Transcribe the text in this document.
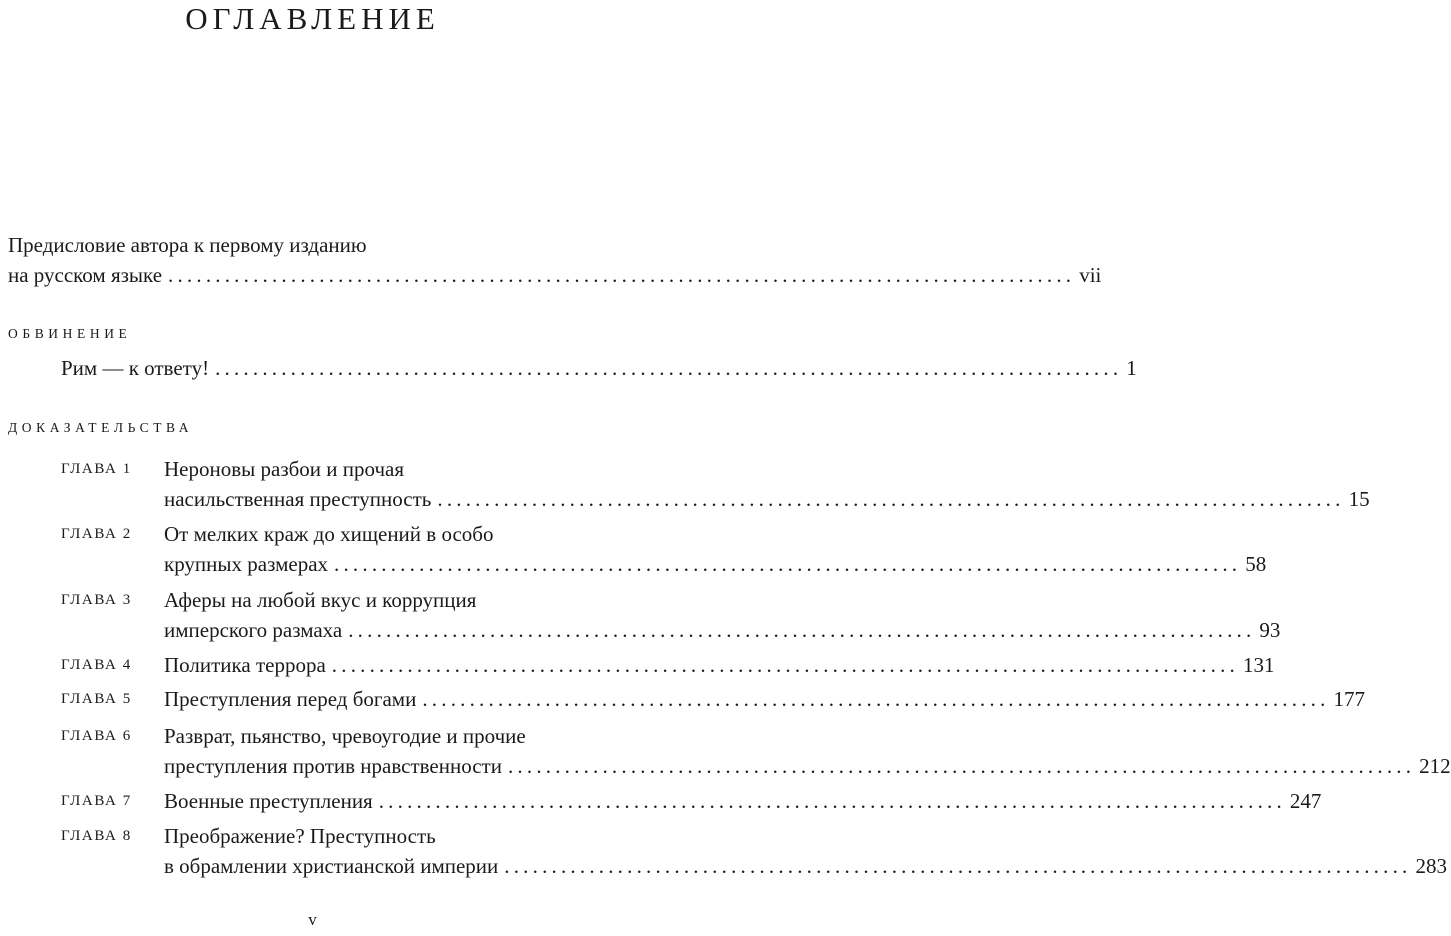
ОГЛАВЛЕНИЕ
Предисловие автора к первому изданию
на русском языке ................................................................................................ vii
ОБВИНЕНИЕ
Рим — к ответу! ................................................................................................ 1
ДОКАЗАТЕЛЬСТВА
ГЛАВА 1 Нероновы разбои и прочая
насильственная преступность ................................................................................................ 15
ГЛАВА 2 От мелких краж до хищений в особо
крупных размерах ................................................................................................ 58
ГЛАВА 3 Аферы на любой вкус и коррупция
имперского размаха ................................................................................................ 93
ГЛАВА 4 Политика террора ................................................................................................ 131
ГЛАВА 5 Преступления перед богами ................................................................................................ 177
ГЛАВА 6 Разврат, пьянство, чревоугодие и прочие
преступления против нравственности ................................................................................................ 212
ГЛАВА 7 Военные преступления ................................................................................................ 247
ГЛАВА 8 Преображение? Преступность
в обрамлении христианской империи ................................................................................................ 283
v
